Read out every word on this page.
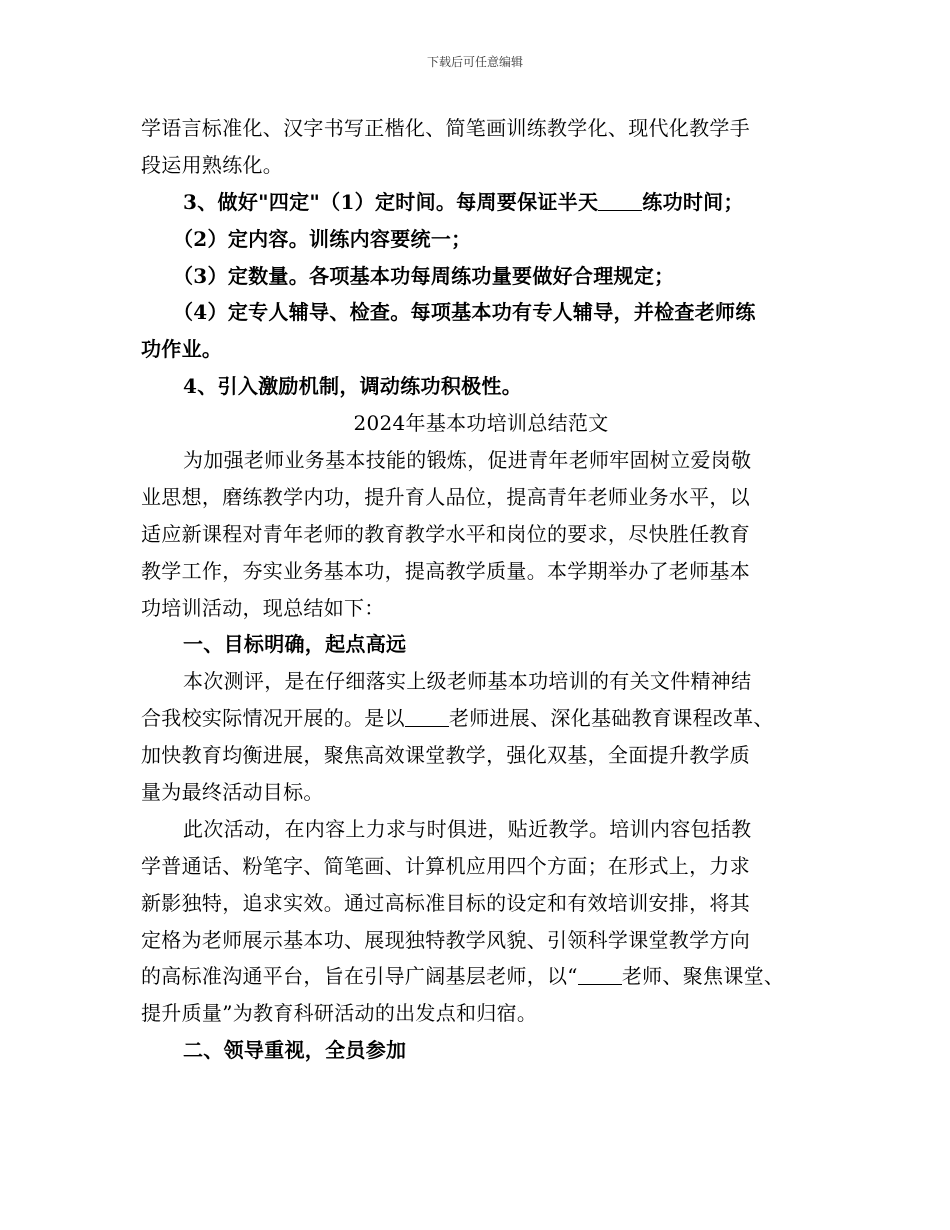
下载后可任意编辑
学语言标准化、汉字书写正楷化、简笔画训练教学化、现代化教学手
段运用熟练化。
3、做好"四定"（1）定时间。每周要保证半天 练功时间；
（2）定内容。训练内容要统一；
（3）定数量。各项基本功每周练功量要做好合理规定；
（4）定专人辅导、检查。每项基本功有专人辅导，并检查老师练
功作业。
4、引入激励机制，调动练功积极性。
2024年基本功培训总结范文
为加强老师业务基本技能的锻炼，促进青年老师牢固树立爱岗敬
业思想，磨练教学内功，提升育人品位，提高青年老师业务水平，以
适应新课程对青年老师的教育教学水平和岗位的要求，尽快胜任教育
教学工作，夯实业务基本功，提高教学质量。本学期举办了老师基本
功培训活动，现总结如下：
一、目标明确，起点高远
本次测评，是在仔细落实上级老师基本功培训的有关文件精神结
合我校实际情况开展的。是以 老师进展、深化基础教育课程改革、
加快教育均衡进展，聚焦高效课堂教学，强化双基，全面提升教学质
量为最终活动目标。
此次活动，在内容上力求与时俱进，贴近教学。培训内容包括教
学普通话、粉笔字、简笔画、计算机应用四个方面；在形式上，力求
新影独特，追求实效。通过高标准目标的设定和有效培训安排，将其
定格为老师展示基本功、展现独特教学风貌、引领科学课堂教学方向
的高标准沟通平台，旨在引导广阔基层老师，以“ 老师、聚焦课堂、
提升质量”为教育科研活动的出发点和归宿。
二、领导重视，全员参加
